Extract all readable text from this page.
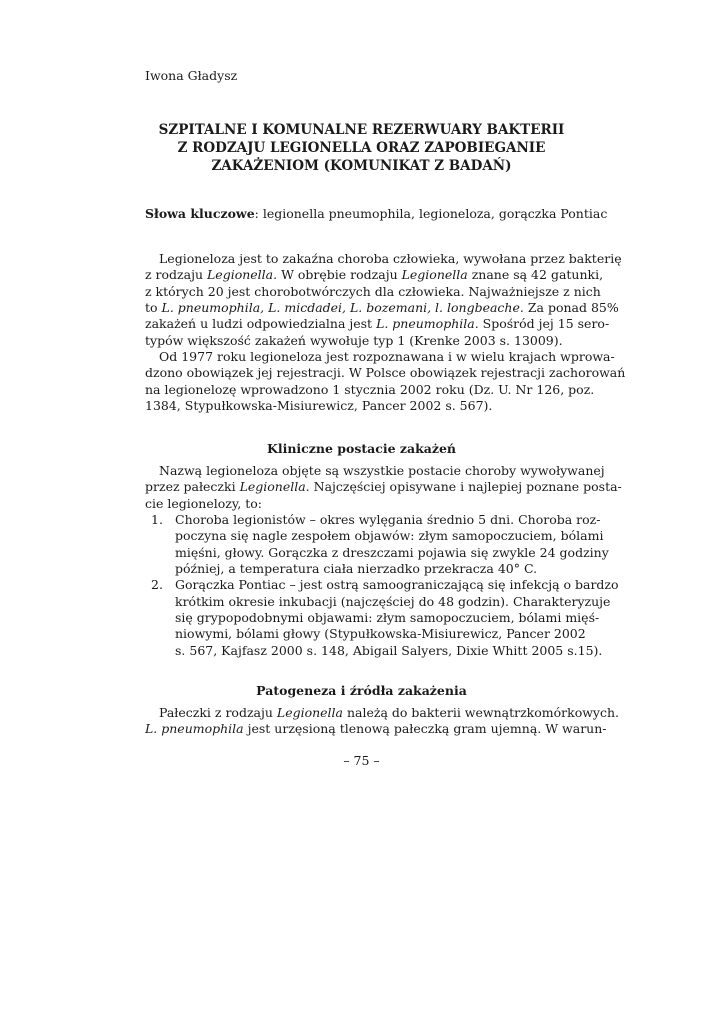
Iwona Gładysz
SZPITALNE I KOMUNALNE REZERWUARY BAKTERII
Z RODZAJU LEGIONELLA ORAZ ZAPOBIEGANIE
ZAKAŻENIOM (KOMUNIKAT Z BADAŃ)
Słowa kluczowe: legionella pneumophila, legioneloza, gorączka Pontiac
Legioneloza jest to zakaźna choroba człowieka, wywołana przez bakterię
z rodzaju Legionella. W obrębie rodzaju Legionella znane są 42 gatunki,
z których 20 jest chorobotwórczych dla człowieka. Najważniejsze z nich
to L. pneumophila, L. micdadei, L. bozemani, l. longbeache. Za ponad 85%
zakażeń u ludzi odpowiedzialna jest L. pneumophila. Spośród jej 15 sero-
typów większość zakażeń wywołuje typ 1 (Krenke 2003 s. 13009).
Od 1977 roku legioneloza jest rozpoznawana i w wielu krajach wprowa-
dzono obowiązek jej rejestracji. W Polsce obowiązek rejestracji zachorowań
na legionelozę wprowadzono 1 stycznia 2002 roku (Dz. U. Nr 126, poz.
1384, Stypułkowska-Misiurewicz, Pancer 2002 s. 567).
Kliniczne postacie zakażeń
Nazwą legioneloza objęte są wszystkie postacie choroby wywoływanej
przez pałeczki Legionella. Najczęściej opisywane i najlepiej poznane posta-
cie legionelozy, to:
1. Choroba legionistów – okres wylęgania średnio 5 dni. Choroba roz-
poczyna się nagle zespołem objawów: złym samopoczuciem, bólami
mięśni, głowy. Gorączka z dreszczami pojawia się zwykle 24 godziny
później, a temperatura ciała nierzadko przekracza 40° C.
2. Gorączka Pontiac – jest ostrą samoograniczającą się infekcją o bardzo
krótkim okresie inkubacji (najczęściej do 48 godzin). Charakteryzuje
się grypopodobnymi objawami: złym samopoczuciem, bólami mięś-
niowymi, bólami głowy (Stypułkowska-Misiurewicz, Pancer 2002
s. 567, Kajfasz 2000 s. 148, Abigail Salyers, Dixie Whitt 2005 s.15).
Patogeneza i źródła zakażenia
Pałeczki z rodzaju Legionella należą do bakterii wewnątrzkomórkowych.
L. pneumophila jest urzęsioną tlenową pałeczką gram ujemną. W warun-
– 75 –
